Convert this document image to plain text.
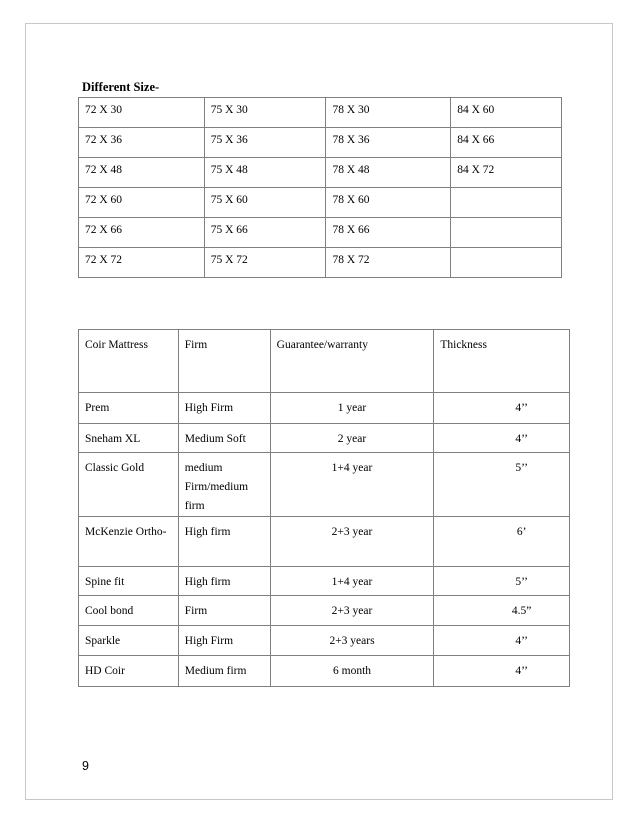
Different Size-
72 X 30	75 X 30	78 X 30	84 X 60
72 X 36	75 X 36	78 X 36	84 X 66
72 X 48	75 X 48	78 X 48	84 X 72
72 X 60	75 X 60	78 X 60	
72 X 66	75 X 66	78 X 66	
72 X 72	75 X 72	78 X 72	
Coir Mattress	Firm	Guarantee/warranty	Thickness
Prem	High Firm	1 year	4’’
Sneham XL	Medium Soft	2 year	4’’
Classic Gold	medium Firm/medium firm	1+4 year	5’’
McKenzie Ortho-	High firm	2+3 year	6’
Spine fit	High firm	1+4 year	5’’
Cool bond	Firm	2+3 year	4.5”
Sparkle	High Firm	2+3 years	4’’
HD Coir	Medium firm	6 month	4’’
9
